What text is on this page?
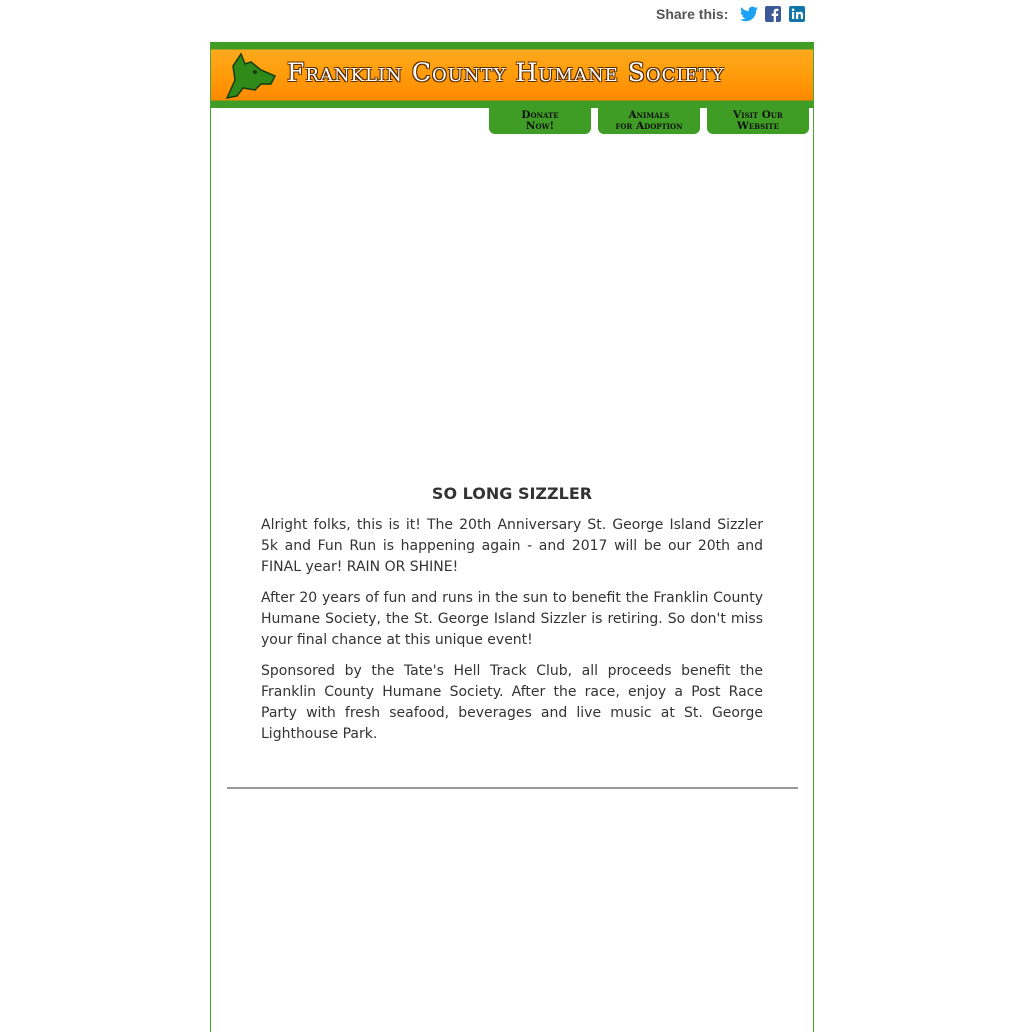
Share this:
Franklin County Humane Society
Donate
Now!
Animals
for Adoption
Visit Our
Website
SO LONG SIZZLER

Alright folks, this is it! The 20th Anniversary St. George Island Sizzler 5k and Fun Run is happening again - and 2017 will be our 20th and FINAL year! RAIN OR SHINE!

After 20 years of fun and runs in the sun to benefit the Franklin County Humane Society, the St. George Island Sizzler is retiring. So don't miss your final chance at this unique event!

Sponsored by the Tate's Hell Track Club, all proceeds benefit the Franklin County Humane Society. After the race, enjoy a Post Race Party with fresh seafood, beverages and live music at St. George Lighthouse Park.
